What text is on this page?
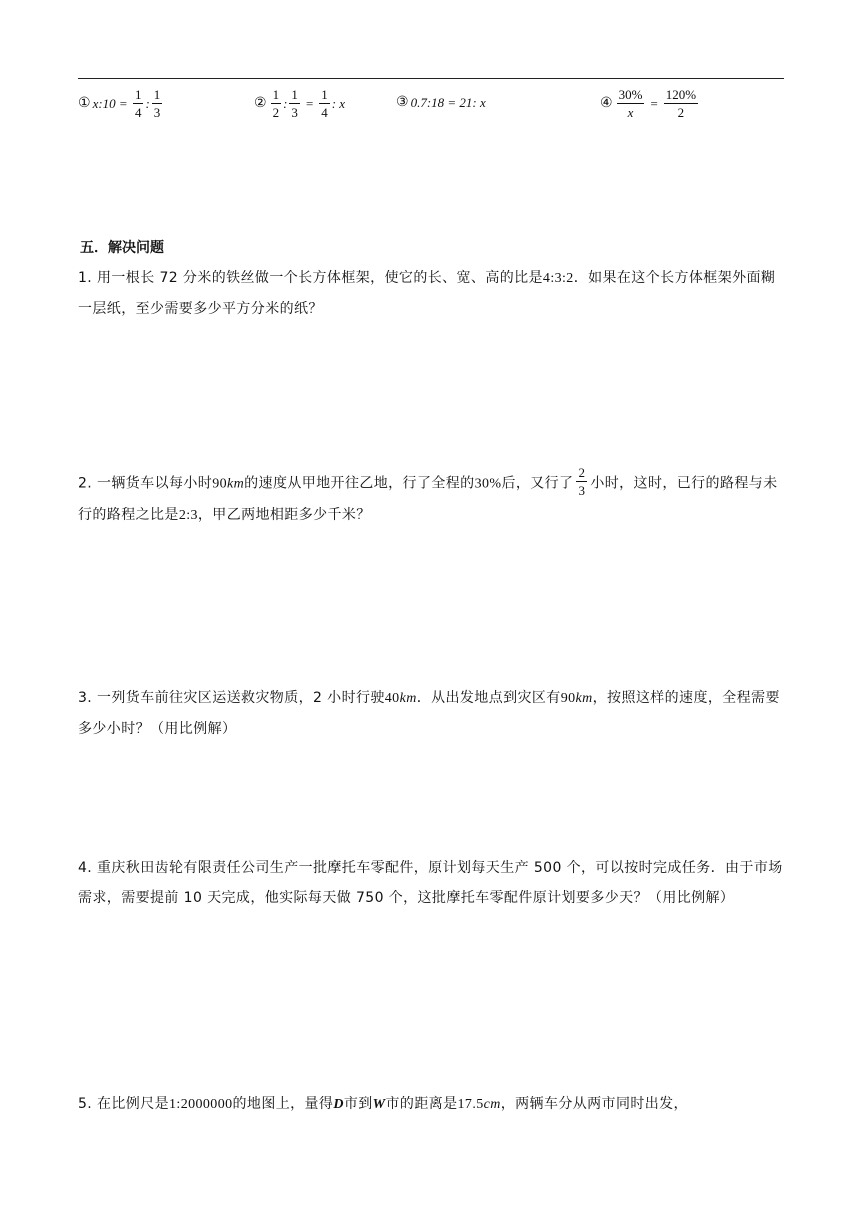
① x:10 = $\frac{1}{4}$ : $\frac{1}{3}$	② $\frac{1}{2}$ : $\frac{1}{3} = \frac{1}{4}$ : x	③ 0.7:18 = 21: x	④ $\frac{30\%}{x} = \frac{120\%}{2}$
五．解决问题
1. 用一根长 72 分米的铁丝做一个长方体框架，使它的长、宽、高的比是4:3:2．如果在这个长方体框架外面糊一层纸，至少需要多少平方分米的纸？
2. 一辆货车以每小时90km的速度从甲地开往乙地，行了全程的30%后，又行了 $\frac{2}{3}$ 小时，这时，已行的路程与未行的路程之比是2:3，甲乙两地相距多少千米？
3. 一列货车前往灾区运送救灾物质，2 小时行驶40km．从出发地点到灾区有90km，按照这样的速度，全程需要多少小时？（用比例解）
4. 重庆秋田齿轮有限责任公司生产一批摩托车零配件，原计划每天生产 500 个，可以按时完成任务．由于市场需求，需要提前 10 天完成，他实际每天做 750 个，这批摩托车零配件原计划要多少天？（用比例解）
5. 在比例尺是1:2000000的地图上，量得D市到W市的距离是17.5cm，两辆车分从两市同时出发，
